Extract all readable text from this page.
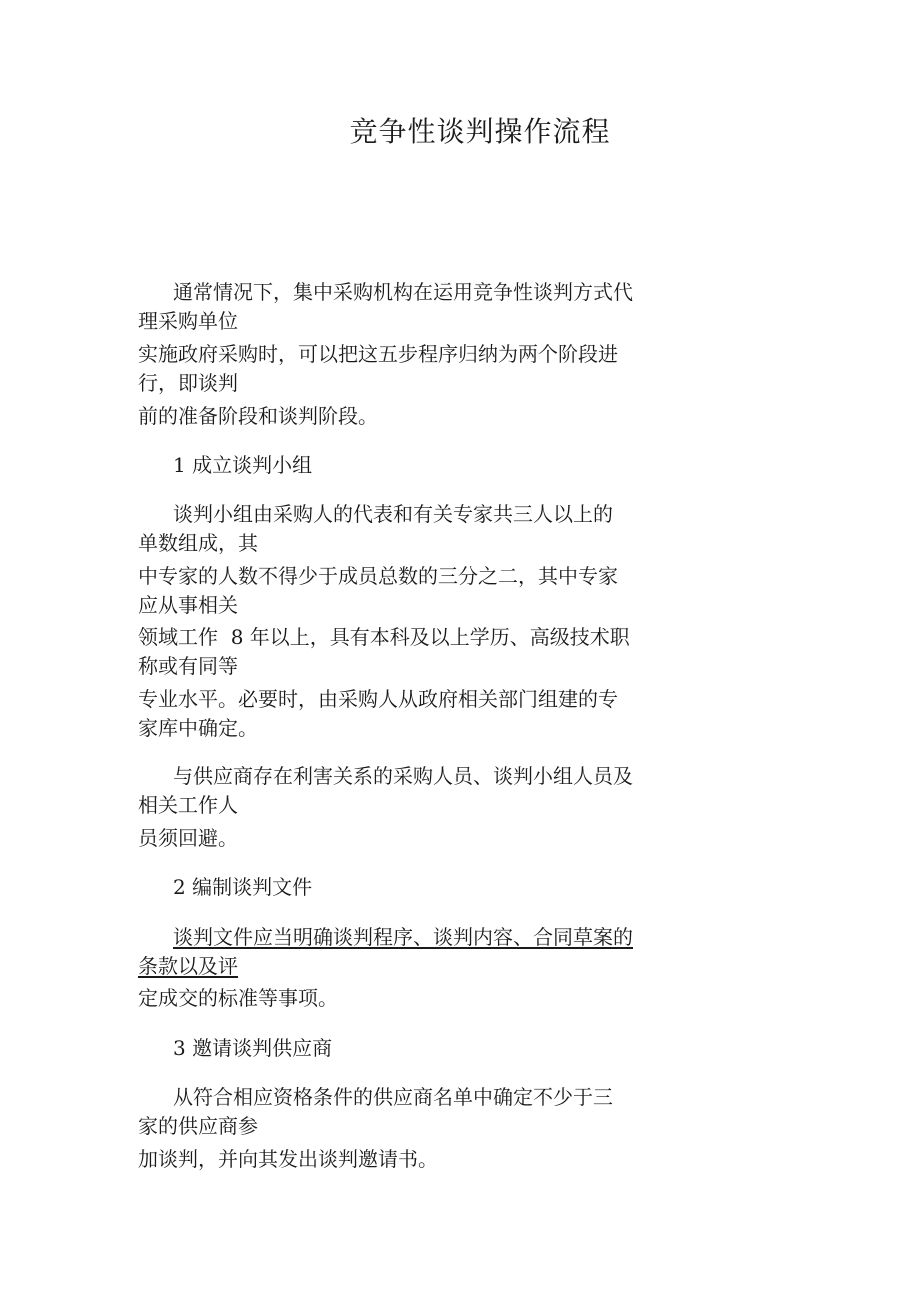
竞争性谈判操作流程
通常情况下，集中采购机构在运用竞争性谈判方式代
理采购单位
实施政府采购时，可以把这五步程序归纳为两个阶段进
行，即谈判
前的准备阶段和谈判阶段。
1 成立谈判小组
谈判小组由采购人的代表和有关专家共三人以上的
单数组成，其
中专家的人数不得少于成员总数的三分之二，其中专家
应从事相关
领域工作  8 年以上，具有本科及以上学历、高级技术职
称或有同等
专业水平。必要时，由采购人从政府相关部门组建的专
家库中确定。
与供应商存在利害关系的采购人员、谈判小组人员及
相关工作人
员须回避。
2 编制谈判文件
谈判文件应当明确谈判程序、谈判内容、合同草案的
条款以及评
定成交的标准等事项。
3 邀请谈判供应商
从符合相应资格条件的供应商名单中确定不少于三
家的供应商参
加谈判，并向其发出谈判邀请书。
